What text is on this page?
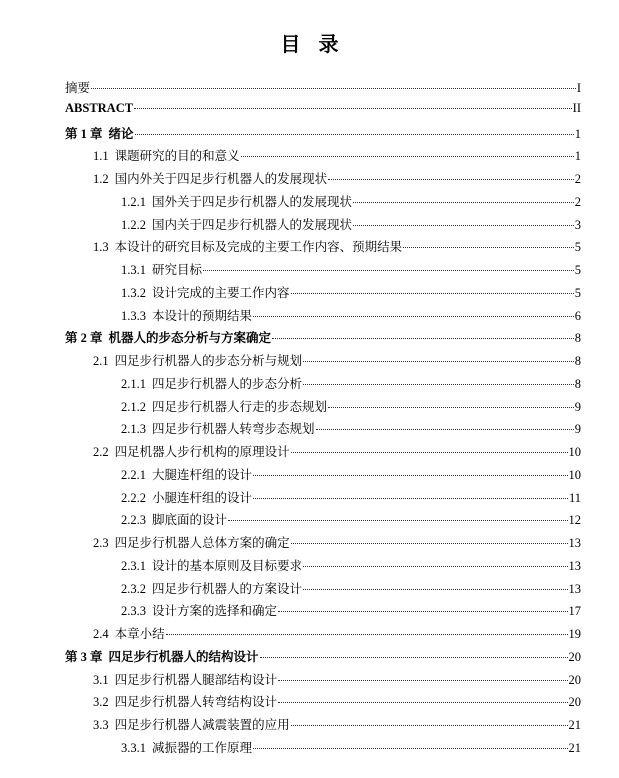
目录
摘要	I
ABSTRACT	II
第 1 章 绪论	1
1.1 课题研究的目的和意义	1
1.2 国内外关于四足步行机器人的发展现状	2
1.2.1 国外关于四足步行机器人的发展现状	2
1.2.2 国内关于四足步行机器人的发展现状	3
1.3 本设计的研究目标及完成的主要工作内容、预期结果	5
1.3.1 研究目标	5
1.3.2 设计完成的主要工作内容	5
1.3.3 本设计的预期结果	6
第 2 章 机器人的步态分析与方案确定	8
2.1 四足步行机器人的步态分析与规划	8
2.1.1 四足步行机器人的步态分析	8
2.1.2 四足步行机器人行走的步态规划	9
2.1.3 四足步行机器人转弯步态规划	9
2.2 四足机器人步行机构的原理设计	10
2.2.1 大腿连杆组的设计	10
2.2.2 小腿连杆组的设计	11
2.2.3 脚底面的设计	12
2.3 四足步行机器人总体方案的确定	13
2.3.1 设计的基本原则及目标要求	13
2.3.2 四足步行机器人的方案设计	13
2.3.3 设计方案的选择和确定	17
2.4 本章小结	19
第 3 章 四足步行机器人的结构设计	20
3.1 四足步行机器人腿部结构设计	20
3.2 四足步行机器人转弯结构设计	20
3.3 四足步行机器人减震装置的应用	21
3.3.1 减振器的工作原理	21
